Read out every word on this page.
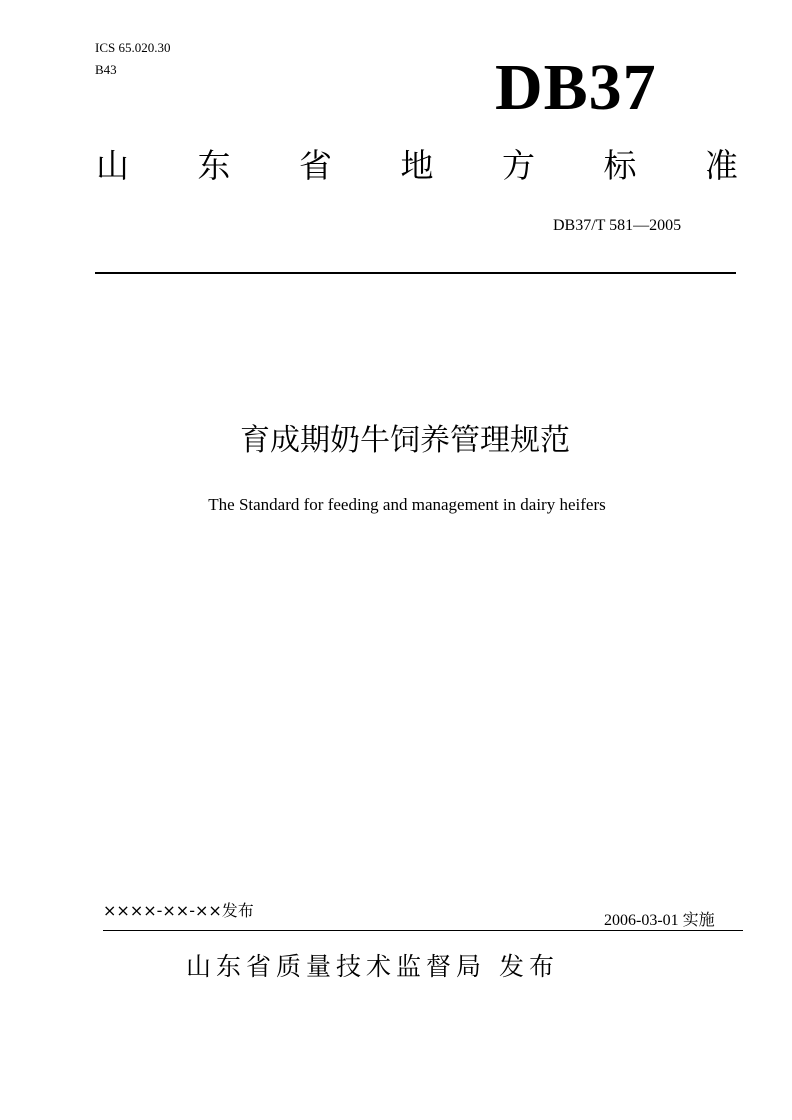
ICS 65.020.30
B43	DB37
山 东 省 地 方 标 准
DB37/T 581—2005
育成期奶牛饲养管理规范
The Standard for feeding and management in dairy heifers
××××-××-××发布
2006-03-01 实施
山东省质量技术监督局 发布
